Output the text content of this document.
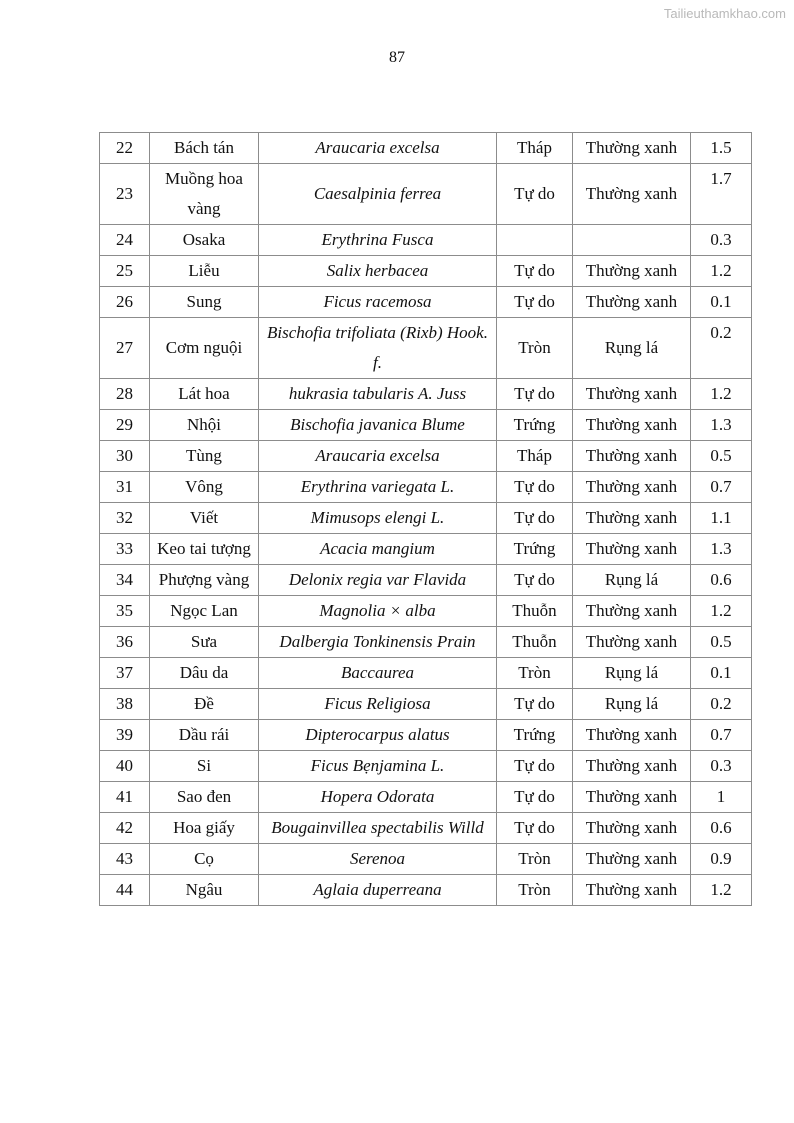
Tailieuthamkhao.com
87
22	Bách tán	Araucaria excelsa	Tháp	Thường xanh	1.5
23	Muồng hoa vàng	Caesalpinia ferrea	Tự do	Thường xanh	1.7
24	Osaka	Erythrina Fusca			0.3
25	Liễu	Salix herbacea	Tự do	Thường xanh	1.2
26	Sung	Ficus racemosa	Tự do	Thường xanh	0.1
27	Cơm nguội	Bischofia trifoliata (Rixb) Hook. f.	Tròn	Rụng lá	0.2
28	Lát hoa	hukrasia tabularis A. Juss	Tự do	Thường xanh	1.2
29	Nhội	Bischofia javanica Blume	Trứng	Thường xanh	1.3
30	Tùng	Araucaria excelsa	Tháp	Thường xanh	0.5
31	Vông	Erythrina variegata L.	Tự do	Thường xanh	0.7
32	Viết	Mimusops elengi L.	Tự do	Thường xanh	1.1
33	Keo tai tượng	Acacia mangium	Trứng	Thường xanh	1.3
34	Phượng vàng	Delonix regia var Flavida	Tự do	Rụng lá	0.6
35	Ngọc Lan	Magnolia × alba	Thuỗn	Thường xanh	1.2
36	Sưa	Dalbergia Tonkinensis Prain	Thuỗn	Thường xanh	0.5
37	Dâu da	Baccaurea	Tròn	Rụng lá	0.1
38	Đề	Ficus Religiosa	Tự do	Rụng lá	0.2
39	Dầu rái	Dipterocarpus alatus	Trứng	Thường xanh	0.7
40	Si	Ficus Bẹnjamina L.	Tự do	Thường xanh	0.3
41	Sao đen	Hopera Odorata	Tự do	Thường xanh	1
42	Hoa giấy	Bougainvillea spectabilis Willd	Tự do	Thường xanh	0.6
43	Cọ	Serenoa	Tròn	Thường xanh	0.9
44	Ngâu	Aglaia duperreana	Tròn	Thường xanh	1.2
